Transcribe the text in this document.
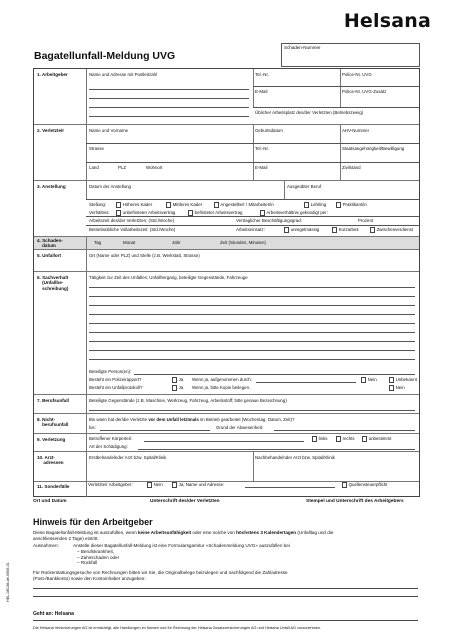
Helsana
Bagatellunfall-Meldung UVG
Schaden-Nummer
1. Arbeitgeber	Name und Adresse mit Postleitzahl	Tel.-Nr.	Police-Nr. UVG
E-Mail	Police-Nr. UVG-Zusatz
Üblicher Arbeitsplatz des/der Verletzten (Betriebszweig)
2. Verletzte/r	Name und Vorname	Geburtsdatum	AHV-Nummer
Strasse	Tel.-Nr.	Staatsangehörigkeit/Bewilligung
Land	PLZ	Wohnort	E-Mail	Zivilstand
3. Anstellung	Datum der Anstellung	Ausgeübter Beruf
Stellung:	Höheres Kader	Mittleres Kader	Angestellte/r / Mitarbeiter/in	Lehrling	Praktikant/in
Verhältnis:	unbefristeter Arbeitsvertrag	befristeter Arbeitsvertrag	Arbeitsverhältnis gekündigt per:
Arbeitszeit des/der Verletzten: (Std./Woche)	Vertraglicher Beschäftigungsgrad:	Prozent
Betriebsübliche Vollarbeitszeit: (Std./Woche)	Arbeitseinsatz:	unregelmässig	Kurzarbeit	Zwischenverdienst
4. Schaden-
datum
Tag	Monat	Jahr	Zeit (Stunden, Minuten)
5. Unfallort	Ort (Name oder PLZ) und Stelle (z.B. Werkstatt, Strasse)
6. Sachverhalt
(Unfallbe-
schreibung)
Tätigkeit zur Zeit des Unfalles; Unfallhergang, beteiligte Gegenstände, Fahrzeuge
Beteiligte Person(en):
Besteht ein Polizeirapport?	Ja Wenn ja, aufgenommen durch:	Nein	Unbekannt
Besteht ein Unfallprotokoll?	Ja Wenn ja, bitte Kopie beilegen.	Nein
7. Berufsunfall	Beteiligte Gegenstände (z.B. Maschine, Werkzeug, Fahrzeug, Arbeitsstoff; bitte genaue Bezeichnung)
8. Nicht-
berufsunfall
Bis wann hat der/die Verletzte vor dem Unfall letztmals im Betrieb gearbeitet (Wochentag, Datum, Zeit)?
bis:	Grund der Abwesenheit:
9. Verletzung	Betroffener Körperteil:	links	rechts	unbestimmt
Art der Schädigung:
10. Arzt-
adressen
Erstbehandelnder Arzt bzw. Spital/Klinik	Nachbehandelnder Arzt bzw. Spital/Klinik
11. Sonderfälle	Verletzte/r Arbeitgeber:	Nein	Ja, Name und Adresse:	Quellensteuerpflicht
Ort und Datum	Unterschrift des/der Verletzten	Stempel und Unterschrift des Arbeitgebers
Hinweis für den Arbeitgeber
Diese Bagatellunfall-Meldung ist auszufüllen, wenn keine Arbeitsunfähigkeit oder eine solche von höchstens 3 Kalendertagen (Unfalltag und die
anschliessenden 2 Tage) eintritt.
Ausnahmen:	Anstelle dieser Bagatellunfall-Meldung ist eine Formularsgarnitur «Schadenmeldung UVG» auszufüllen bei
– Berufskrankheit,
– Zahnschaden oder
– Rückfall
Für Rückerstattungsgesuche von Rechnungen bitten wir Sie, die Originalbelege beizulegen und nachfolgend die Zahladresse
(Post-/Bankkonto) sowie den Kontoinhaber anzugeben:
Geht an: Helsana
Die Helsana Versicherungen AG ist ermächtigt, alle Handlungen im Namen und für Rechnung der Helsana Zusatzversicherungen AG und Helsana Unfall AG vorzunehmen.
HEL-08138-de-0906-01
